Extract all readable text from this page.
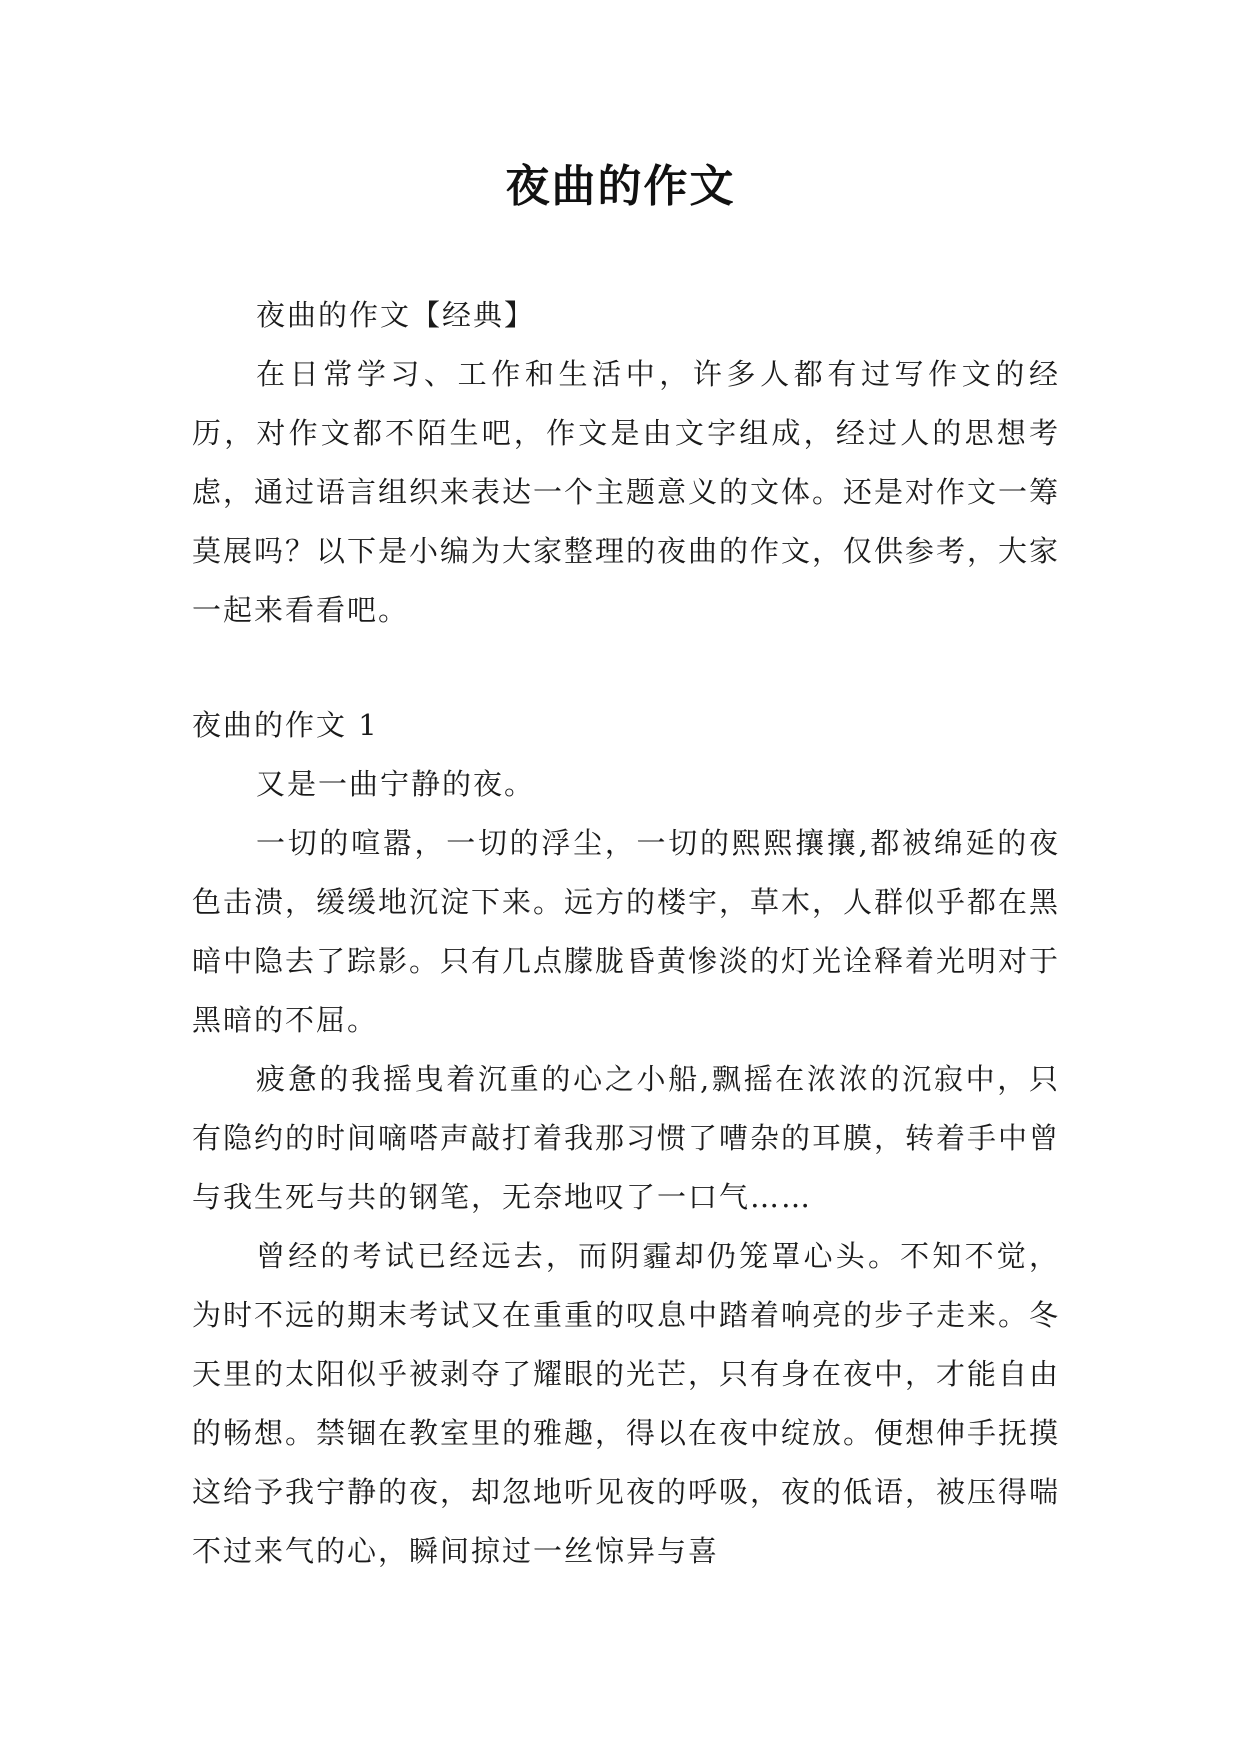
夜曲的作文

夜曲的作文【经典】

在日常学习、工作和生活中，许多人都有过写作文的经历，对作文都不陌生吧，作文是由文字组成，经过人的思想考虑，通过语言组织来表达一个主题意义的文体。还是对作文一筹莫展吗？以下是小编为大家整理的夜曲的作文，仅供参考，大家一起来看看吧。

夜曲的作文 1

又是一曲宁静的夜。

一切的喧嚣，一切的浮尘，一切的熙熙攘攘,都被绵延的夜色击溃，缓缓地沉淀下来。远方的楼宇，草木，人群似乎都在黑暗中隐去了踪影。只有几点朦胧昏黄惨淡的灯光诠释着光明对于黑暗的不屈。

疲惫的我摇曳着沉重的心之小船,飘摇在浓浓的沉寂中，只有隐约的时间嘀嗒声敲打着我那习惯了嘈杂的耳膜，转着手中曾与我生死与共的钢笔，无奈地叹了一口气……

曾经的考试已经远去，而阴霾却仍笼罩心头。不知不觉，为时不远的期末考试又在重重的叹息中踏着响亮的步子走来。冬天里的太阳似乎被剥夺了耀眼的光芒，只有身在夜中，才能自由的畅想。禁锢在教室里的雅趣，得以在夜中绽放。便想伸手抚摸这给予我宁静的夜，却忽地听见夜的呼吸，夜的低语，被压得喘不过来气的心，瞬间掠过一丝惊异与喜
